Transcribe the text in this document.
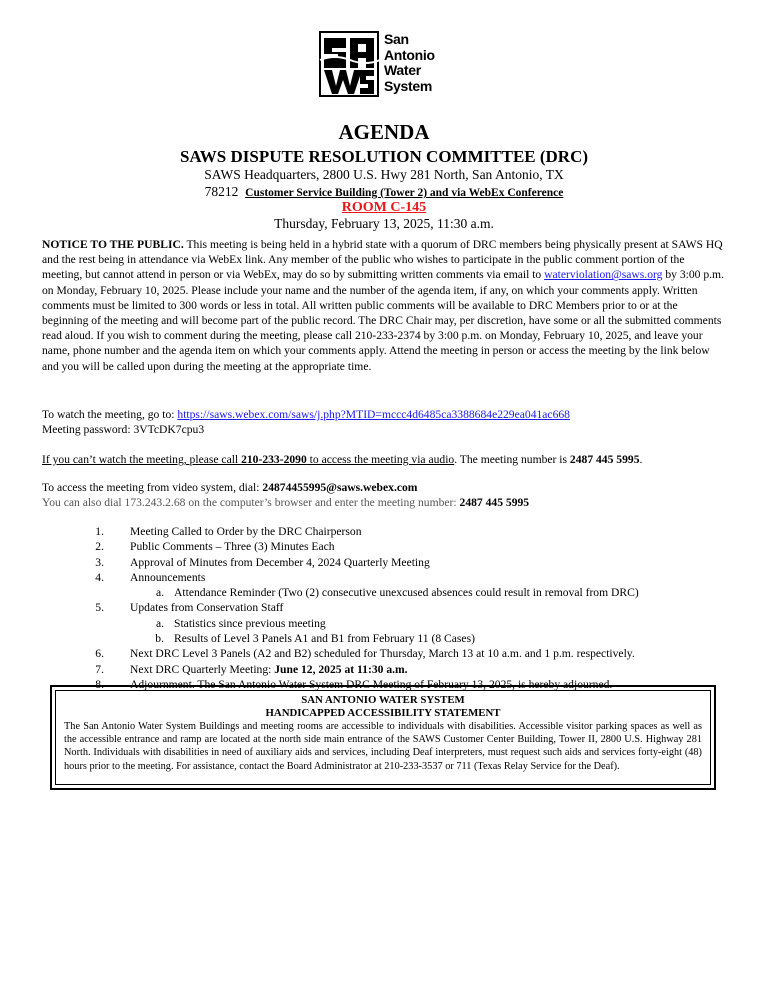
San
Antonio
Water
System
AGENDA
SAWS DISPUTE RESOLUTION COMMITTEE (DRC)
SAWS Headquarters, 2800 U.S. Hwy 281 North, San Antonio, TX
78212 Customer Service Building (Tower 2) and via WebEx Conference
ROOM C-145
Thursday, February 13, 2025, 11:30 a.m.
NOTICE TO THE PUBLIC. This meeting is being held in a hybrid state with a quorum of DRC members being physically present at SAWS HQ and the rest being in attendance via WebEx link. Any member of the public who wishes to participate in the public comment portion of the meeting, but cannot attend in person or via WebEx, may do so by submitting written comments via email to waterviolation@saws.org by 3:00 p.m. on Monday, February 10, 2025. Please include your name and the number of the agenda item, if any, on which your comments apply. Written comments must be limited to 300 words or less in total. All written public comments will be available to DRC Members prior to or at the beginning of the meeting and will become part of the public record. The DRC Chair may, per discretion, have some or all the submitted comments read aloud. If you wish to comment during the meeting, please call 210-233-2374 by 3:00 p.m. on Monday, February 10, 2025, and leave your name, phone number and the agenda item on which your comments apply. Attend the meeting in person or access the meeting by the link below and you will be called upon during the meeting at the appropriate time.
To watch the meeting, go to: https://saws.webex.com/saws/j.php?MTID=mccc4d6485ca3388684e229ea041ac668
Meeting password: 3VTcDK7cpu3
If you can’t watch the meeting, please call 210-233-2090 to access the meeting via audio. The meeting number is 2487 445 5995.
To access the meeting from video system, dial: 24874455995@saws.webex.com
You can also dial 173.243.2.68 on the computer’s browser and enter the meeting number: 2487 445 5995
1. Meeting Called to Order by the DRC Chairperson
2. Public Comments – Three (3) Minutes Each
3. Approval of Minutes from December 4, 2024 Quarterly Meeting
4. Announcements
a. Attendance Reminder (Two (2) consecutive unexcused absences could result in removal from DRC)
5. Updates from Conservation Staff
a. Statistics since previous meeting
b. Results of Level 3 Panels A1 and B1 from February 11 (8 Cases)
6. Next DRC Level 3 Panels (A2 and B2) scheduled for Thursday, March 13 at 10 a.m. and 1 p.m. respectively.
7. Next DRC Quarterly Meeting: June 12, 2025 at 11:30 a.m.
8. Adjournment. The San Antonio Water System DRC Meeting of February 13, 2025, is hereby adjourned.
SAN ANTONIO WATER SYSTEM
HANDICAPPED ACCESSIBILITY STATEMENT
The San Antonio Water System Buildings and meeting rooms are accessible to individuals with disabilities. Accessible visitor parking spaces as well as the accessible entrance and ramp are located at the north side main entrance of the SAWS Customer Center Building, Tower II, 2800 U.S. Highway 281 North. Individuals with disabilities in need of auxiliary aids and services, including Deaf interpreters, must request such aids and services forty-eight (48) hours prior to the meeting. For assistance, contact the Board Administrator at 210-233-3537 or 711 (Texas Relay Service for the Deaf).
